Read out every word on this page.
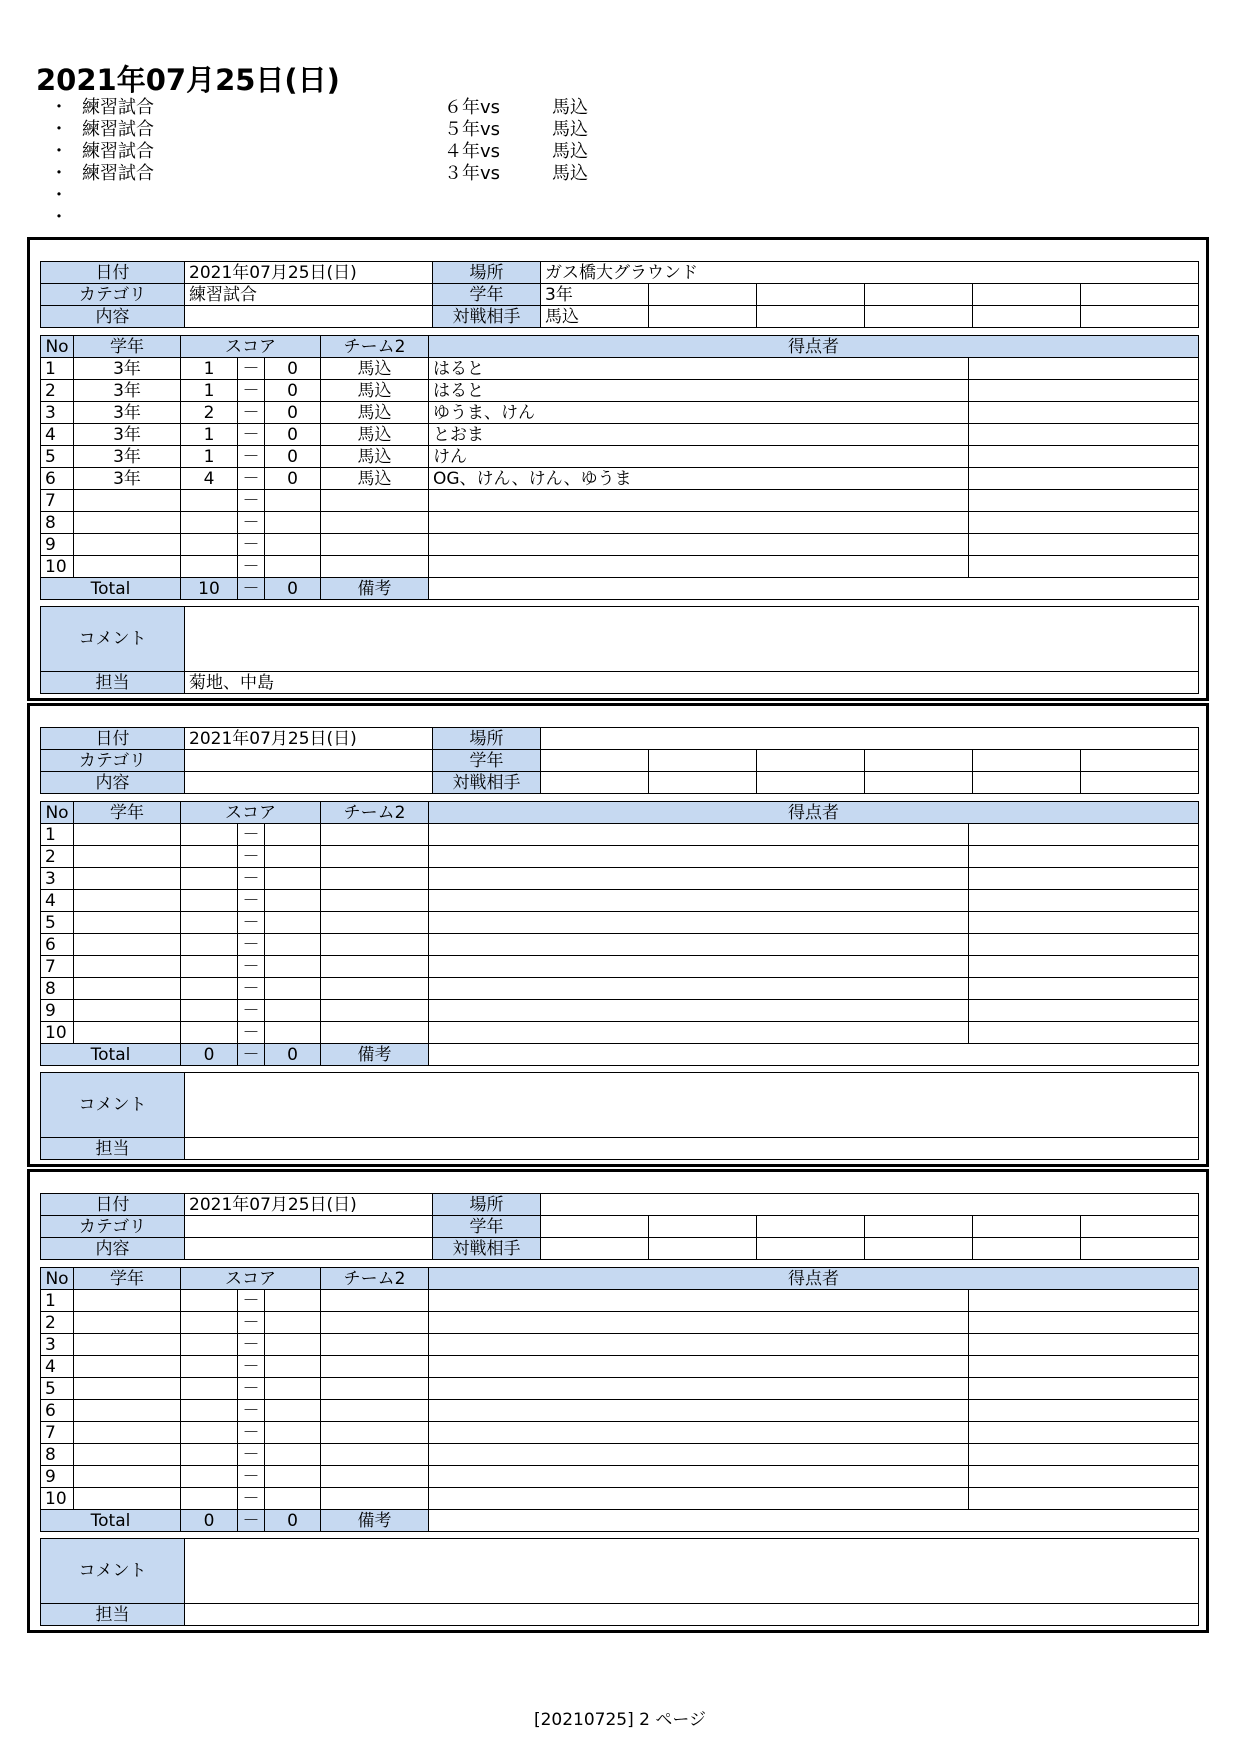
2021年07月25日(日)
・ 練習試合	６年vs	馬込
・ 練習試合	５年vs	馬込
・ 練習試合	４年vs	馬込
・ 練習試合	３年vs	馬込
・
・
日付	2021年07月25日(日)	場所	ガス橋大グラウンド					
カテゴリ	練習試合	学年	3年					
内容		対戦相手	馬込					
No	学年	スコア			チーム2	得点者	
1	3年	1	－	0	馬込	はると	
2	3年	1	－	0	馬込	はると	
3	3年	2	－	0	馬込	ゆうま、けん	
4	3年	1	－	0	馬込	とおま	
5	3年	1	－	0	馬込	けん	
6	3年	4	－	0	馬込	OG、けん、けん、ゆうま	
7			－				
8			－				
9			－				
10			－				
Total		10	－	0	備考		
コメント	
担当	菊地、中島
日付	2021年07月25日(日)	場所						
カテゴリ		学年						
内容		対戦相手						
No	学年	スコア			チーム2	得点者	
1			－				
2			－				
3			－				
4			－				
5			－				
6			－				
7			－				
8			－				
9			－				
10			－				
Total		0	－	0	備考		
コメント	
担当	
日付	2021年07月25日(日)	場所						
カテゴリ		学年						
内容		対戦相手						
No	学年	スコア			チーム2	得点者	
1			－				
2			－				
3			－				
4			－				
5			－				
6			－				
7			－				
8			－				
9			－				
10			－				
Total		0	－	0	備考		
コメント	
担当	
[20210725] 2 ページ
